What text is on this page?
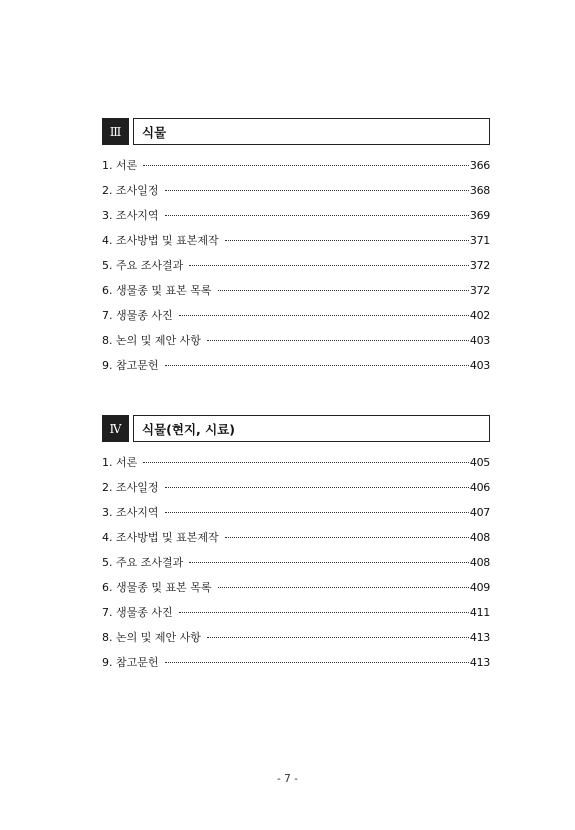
Ⅲ	식물
1. 서론	366
2. 조사일정	368
3. 조사지역	369
4. 조사방법 및 표본제작	371
5. 주요 조사결과	372
6. 생물종 및 표본 목록	372
7. 생물종 사진	402
8. 논의 및 제안 사항	403
9. 참고문헌	403
Ⅳ	식물(현지, 시료)
1. 서론	405
2. 조사일정	406
3. 조사지역	407
4. 조사방법 및 표본제작	408
5. 주요 조사결과	408
6. 생물종 및 표본 목록	409
7. 생물종 사진	411
8. 논의 및 제안 사항	413
9. 참고문헌	413
- 7 -
